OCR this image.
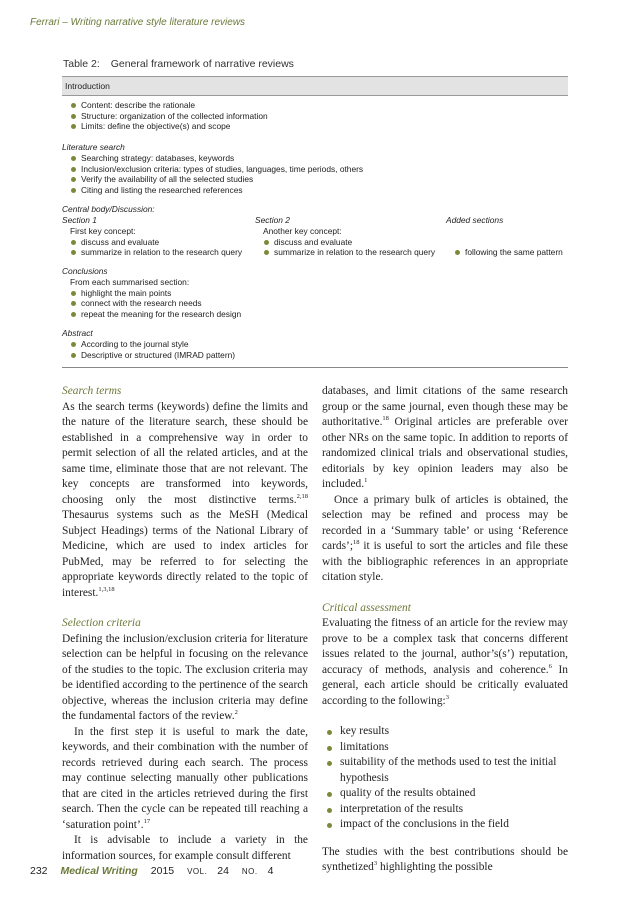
Ferrari – Writing narrative style literature reviews
Table 2: General framework of narrative reviews
Introduction
Content: describe the rationale
Structure: organization of the collected information
Limits: define the objective(s) and scope
Literature search
Searching strategy: databases, keywords
Inclusion/exclusion criteria: types of studies, languages, time periods, others
Verify the availability of all the selected studies
Citing and listing the researched references
Central body/Discussion:
Section 1
First key concept:
discuss and evaluate
summarize in relation to the research query
Section 2
Another key concept:
discuss and evaluate
summarize in relation to the research query
Added sections

following the same pattern
Conclusions
From each summarised section:
highlight the main points
connect with the research needs
repeat the meaning for the research design
Abstract
According to the journal style
Descriptive or structured (IMRAD pattern)

Search terms

As the search terms (keywords) define the limits and the nature of the literature search, these should be established in a comprehensive way in order to permit selection of all the related articles, and at the same time, eliminate those that are not relevant. The key concepts are transformed into keywords, choosing only the most distinctive terms.$^{2,18}$ Thesaurus systems such as the MeSH (Medical Subject Headings) terms of the National Library of Medicine, which are used to index articles for PubMed, may be referred to for selecting the appropriate keywords directly related to the topic of interest.$^{1,3,18}$

Selection criteria

Defining the inclusion/exclusion criteria for literature selection can be helpful in focusing on the relevance of the studies to the topic. The exclusion criteria may be identified according to the pertinence of the search objective, whereas the inclusion criteria may define the fundamental factors of the review.$^2$

In the first step it is useful to mark the date, keywords, and their combination with the number of records retrieved during each search. The process may continue selecting manually other publications that are cited in the articles retrieved during the first search. Then the cycle can be repeated till reaching a ‘saturation point’.$^{17}$

It is advisable to include a variety in the information sources, for example consult different

databases, and limit citations of the same research group or the same journal, even though these may be authoritative.$^{18}$ Original articles are preferable over other NRs on the same topic. In addition to reports of randomized clinical trials and observational studies, editorials by key opinion leaders may also be included.$^1$

Once a primary bulk of articles is obtained, the selection may be refined and process may be recorded in a ‘Summary table’ or using ‘Reference cards’;$^{18}$ it is useful to sort the articles and file these with the bibliographic references in an appropriate citation style.

Critical assessment

Evaluating the fitness of an article for the review may prove to be a complex task that concerns different issues related to the journal, author’s(s’) reputation, accuracy of methods, analysis and coherence.$^6$ In general, each article should be critically evaluated according to the following:$^3$

key results
limitations
suitability of the methods used to test the initial hypothesis
quality of the results obtained
interpretation of the results
impact of the conclusions in the field

The studies with the best contributions should be synthetized$^3$ highlighting the possible

232 Medical Writing 2015 VOL. 24 NO. 4
